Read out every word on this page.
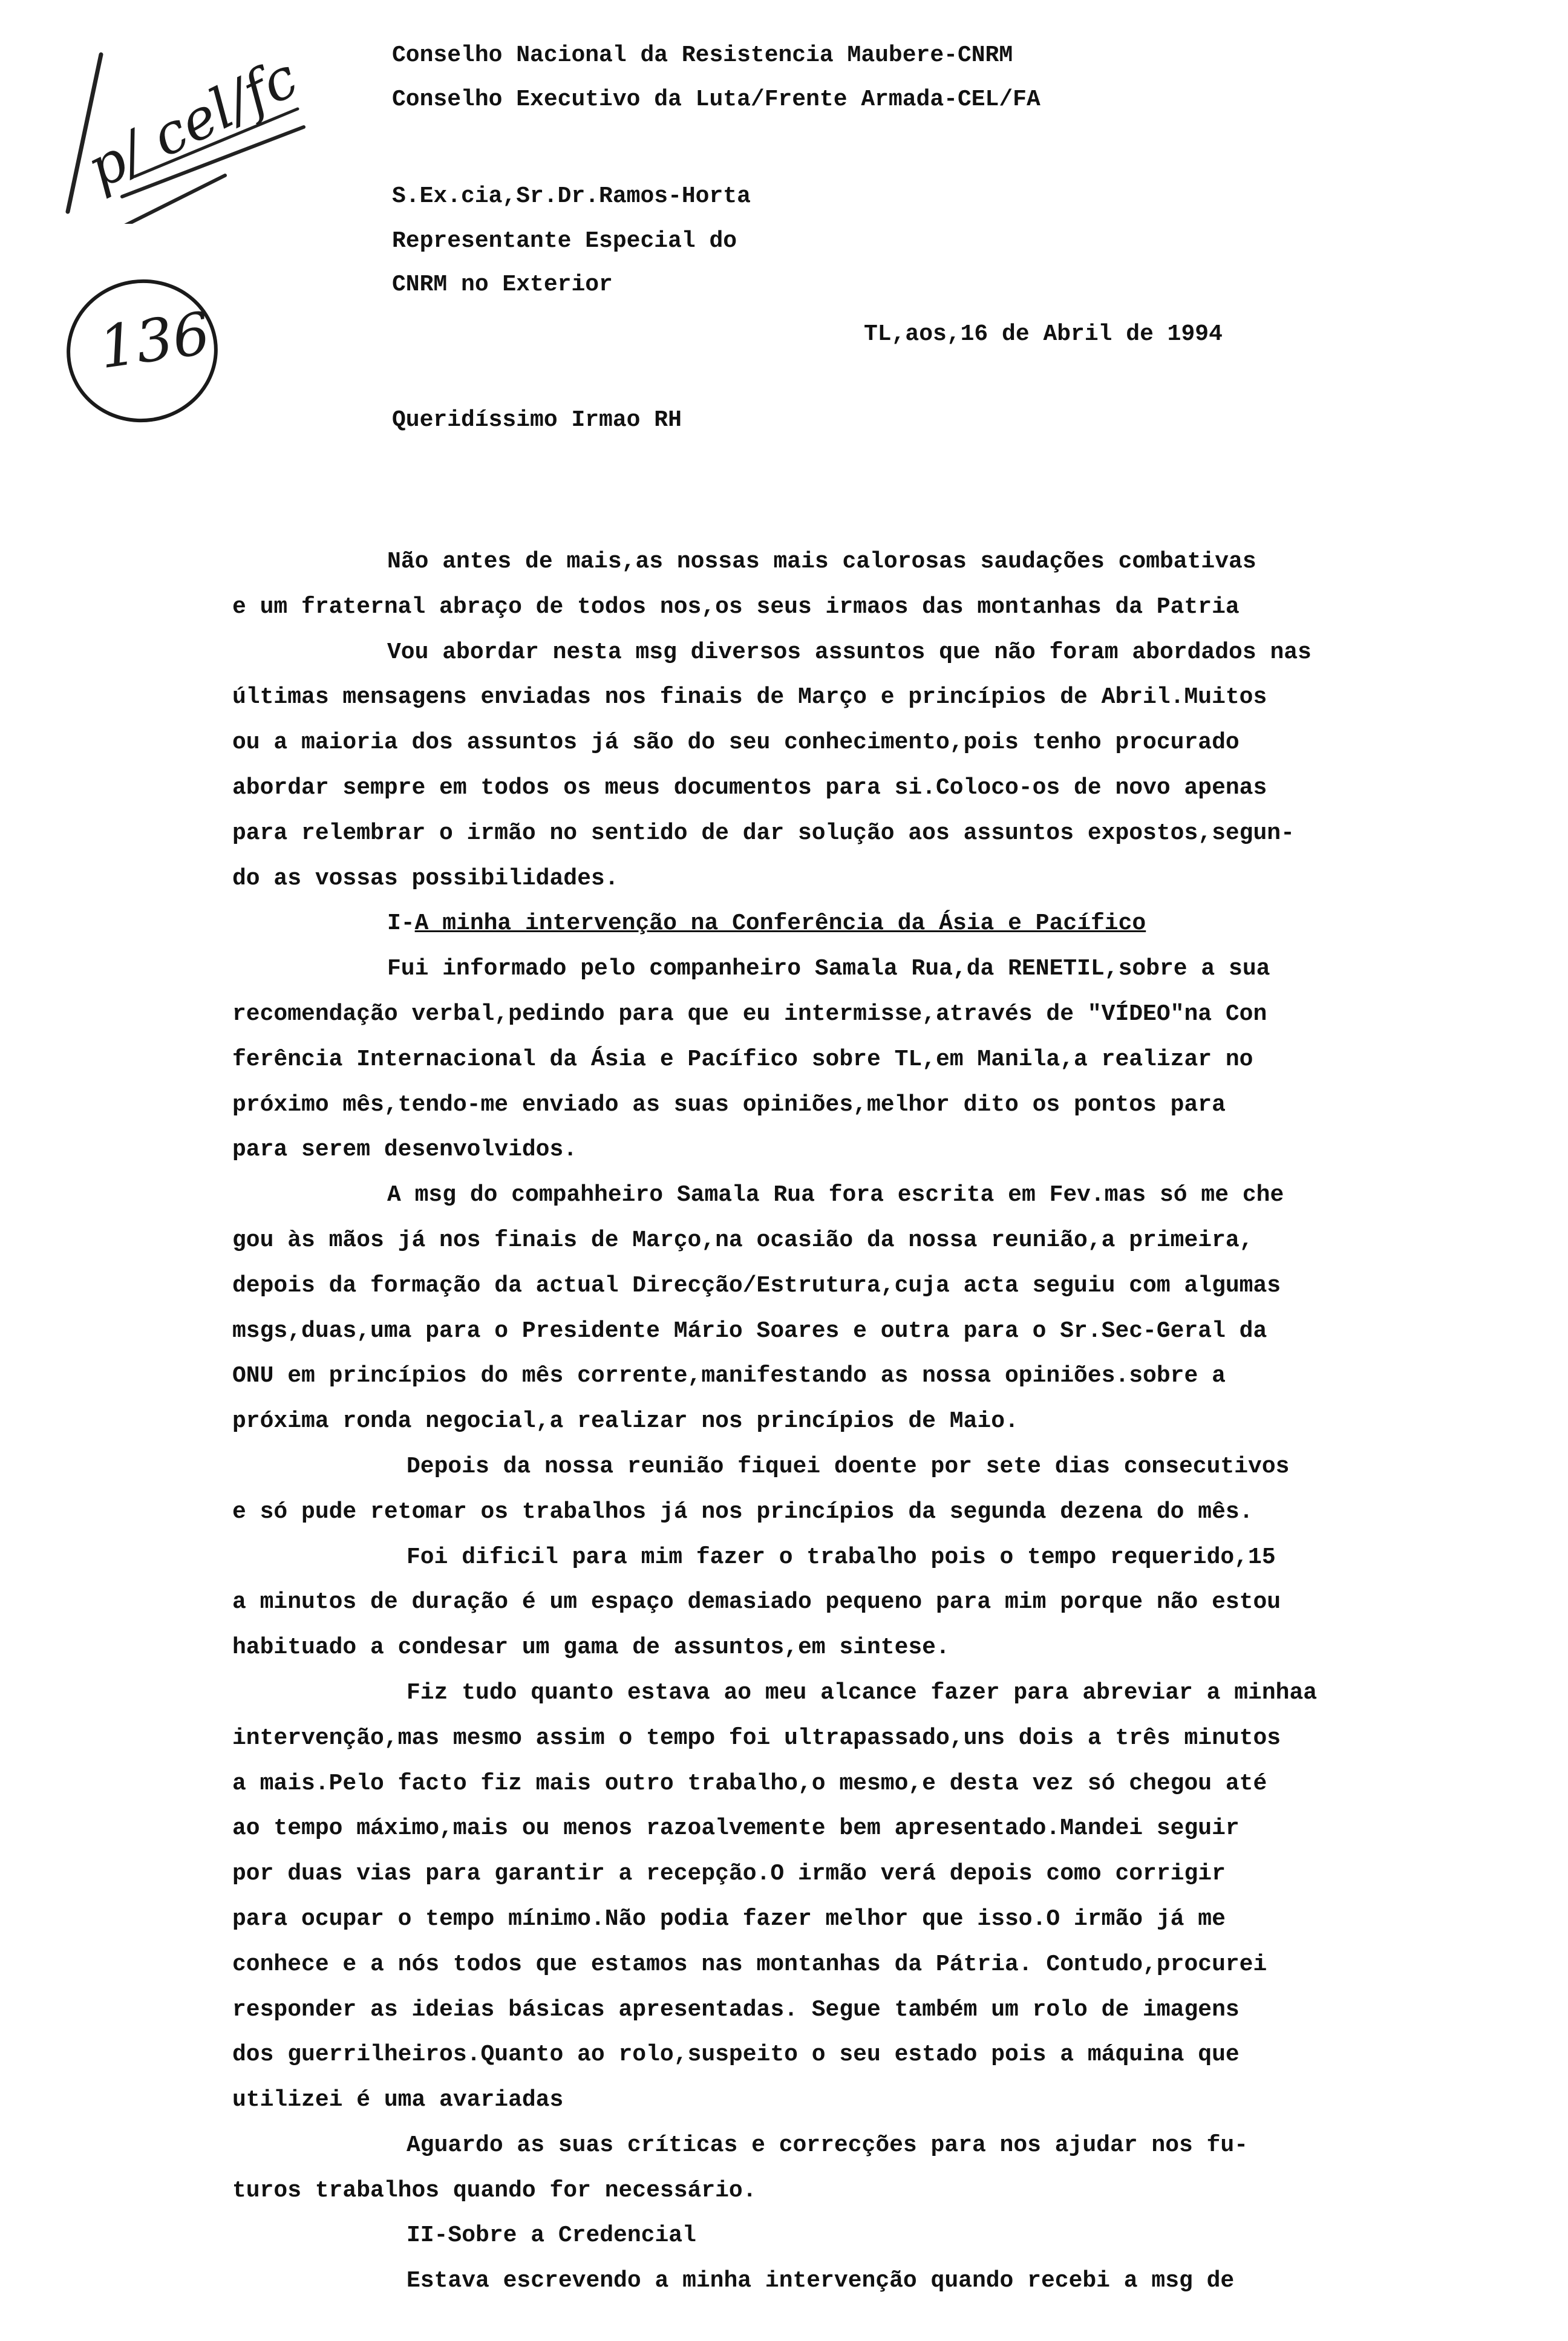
p/ cel/fc
136
Conselho Nacional da Resistencia Maubere-CNRM
Conselho Executivo da Luta/Frente Armada-CEL/FA
S.Ex.cia,Sr.Dr.Ramos-Horta
Representante Especial do
CNRM no Exterior
TL,aos,16 de Abril de 1994
Queridíssimo Irmao RH

Não antes de mais,as nossas mais calorosas saudações combativas
e um fraternal abraço de todos nos,os seus irmaos das montanhas da Patria

Vou abordar nesta msg diversos assuntos que não foram abordados nas
últimas mensagens enviadas nos finais de Março e princípios de Abril.Muitos
ou a maioria dos assuntos já são do seu conhecimento,pois tenho procurado
abordar sempre em todos os meus documentos para si.Coloco-os de novo apenas
para relembrar o irmão no sentido de dar solução aos assuntos expostos,segun-
do as vossas possibilidades.

I-A minha intervenção na Conferência da Ásia e Pacífico

Fui informado pelo companheiro Samala Rua,da RENETIL,sobre a sua
recomendação verbal,pedindo para que eu intermisse,através de "VÍDEO"na Con
ferência Internacional da Ásia e Pacífico sobre TL,em Manila,a realizar no
próximo mês,tendo-me enviado as suas opiniões,melhor dito os pontos para
para serem desenvolvidos.

A msg do compahheiro Samala Rua fora escrita em Fev.mas só me che
gou às mãos já nos finais de Março,na ocasião da nossa reunião,a primeira,
depois da formação da actual Direcção/Estrutura,cuja acta seguiu com algumas
msgs,duas,uma para o Presidente Mário Soares e outra para o Sr.Sec-Geral da
ONU em princípios do mês corrente,manifestando as nossa opiniões.sobre a
próxima ronda negocial,a realizar nos princípios de Maio.

Depois da nossa reunião fiquei doente por sete dias consecutivos
e só pude retomar os trabalhos já nos princípios da segunda dezena do mês.

Foi dificil para mim fazer o trabalho pois o tempo requerido,15
a minutos de duração é um espaço demasiado pequeno para mim porque não estou
habituado a condesar um gama de assuntos,em sintese.

Fiz tudo quanto estava ao meu alcance fazer para abreviar a minhaa
intervenção,mas mesmo assim o tempo foi ultrapassado,uns dois a três minutos
a mais.Pelo facto fiz mais outro trabalho,o mesmo,e desta vez só chegou até
ao tempo máximo,mais ou menos razoalvemente bem apresentado.Mandei seguir
por duas vias para garantir a recepção.O irmão verá depois como corrigir
para ocupar o tempo mínimo.Não podia fazer melhor que isso.O irmão já me
conhece e a nós todos que estamos nas montanhas da Pátria. Contudo,procurei
responder as ideias básicas apresentadas. Segue também um rolo de imagens
dos guerrilheiros.Quanto ao rolo,suspeito o seu estado pois a máquina que
utilizei é uma avariadas

Aguardo as suas críticas e correcções para nos ajudar nos fu-
turos trabalhos quando for necessário.

II-Sobre a Credencial

Estava escrevendo a minha intervenção quando recebi a msg de
